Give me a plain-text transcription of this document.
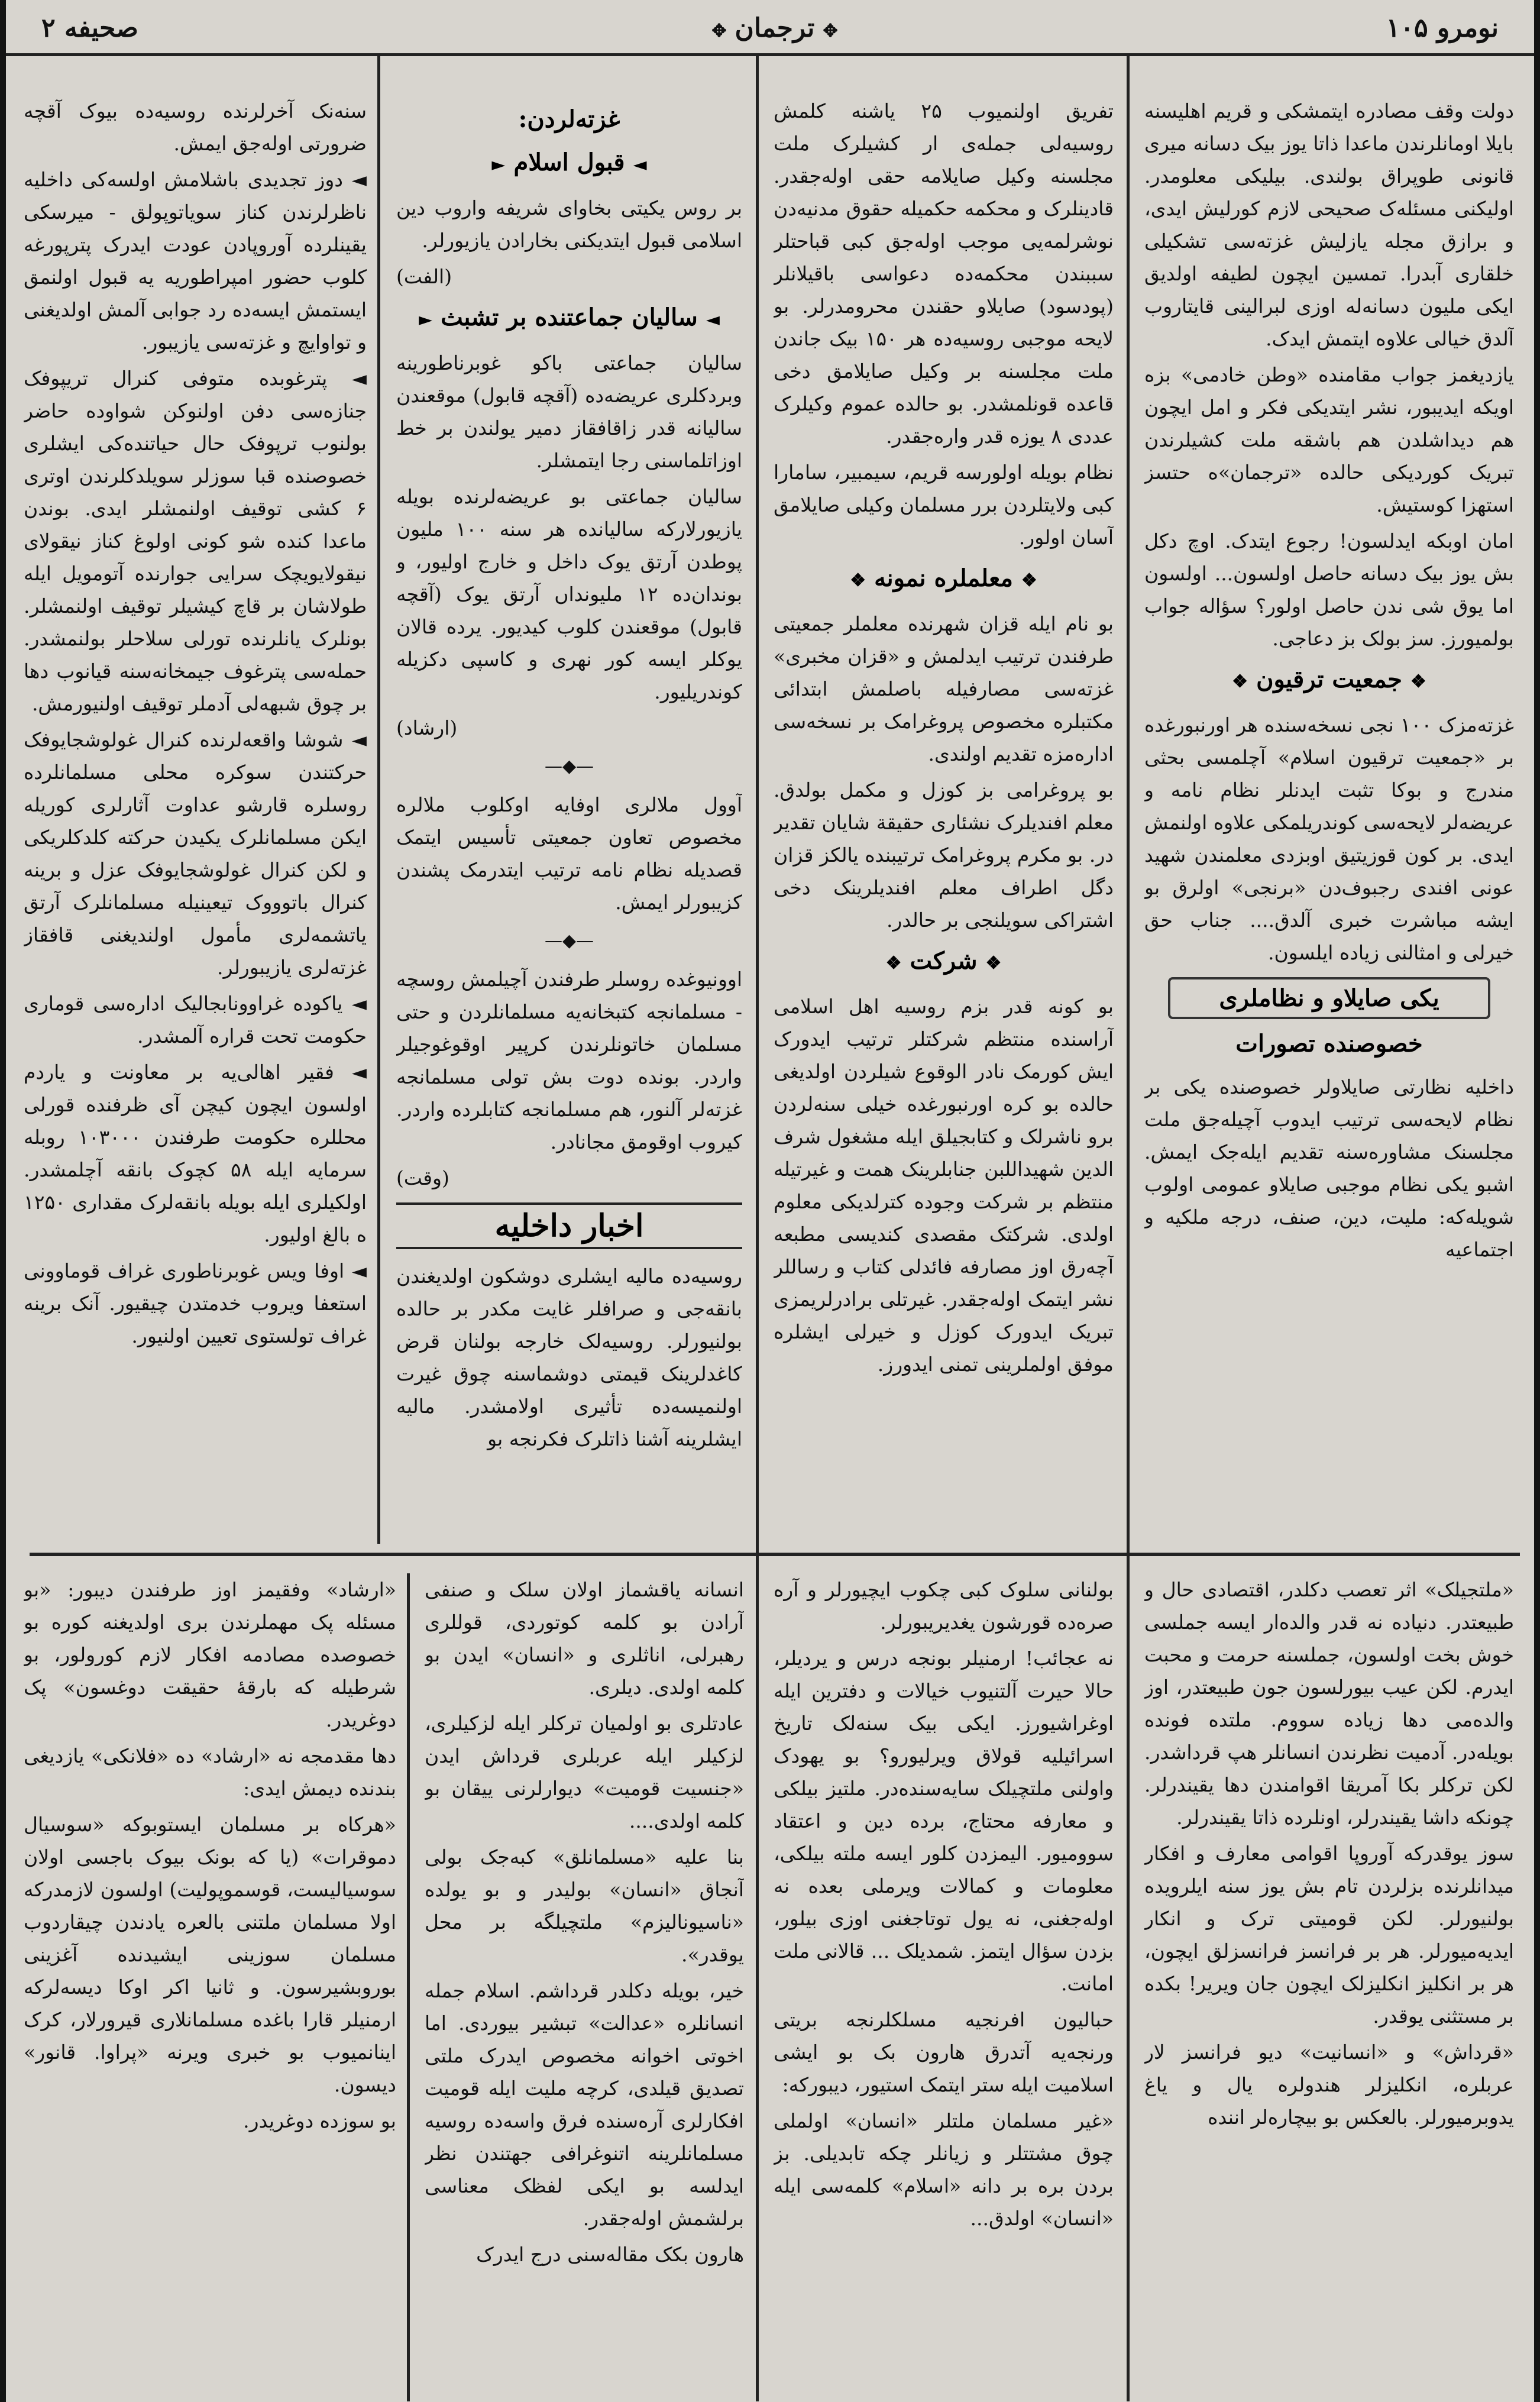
صحیفه ۲	✥ ترجمان ✥	نومرو ۱۰۵

دولت وقف مصادره ایتمشکی و قریم اهلیسنه بایلا اومانلرندن ماعدا ذاتا یوز بیک دسانه میری قانونی طوپراق بولندی. بیلیکی معلومدر. اولیکنی مسئله‌ک صحیحی لازم کورلیش ایدی، و برازق مجله یازلیش غزته‌سی تشکیلی خلقاری آبدرا. تمسین ایچون لطیفه اولدیق ایکی ملیون دسانه‌له اوزی لبرالینی قایتاروب آلدق خیالی علاوه ایتمش ایدک.

یازدیغمز جواب مقامنده «وطن خادمی» بزه اویکه ایدیبور، نشر ایتدیکی فکر و امل ایچون هم دیداشلدن هم باشقه ملت کشیلرندن تبریک کوردیکی حالده «ترجمان»ه حتسز استهزا کوستیش.

امان اوبکه ایدلسون! رجوع ایتدک. اوچ دکل بش یوز بیک دسانه حاصل اولسون... اولسون اما یوق شی ندن حاصل اولور؟ سؤاله جواب بولمیورز. سز بولک بز دعاجی.

❖جمعیت ترقیون❖

غزته‌مزک ۱۰۰ نجی نسخه‌سنده هر اورنبورغده بر «جمعیت ترقیون اسلام» آچلمسی بحثی مندرج و بوکا تثبت ایدنلر نظام نامه و عریضه‌لر لایحه‌سی کوندریلمکی علاوه اولنمش ایدی. بر کون قوزیتیق اوبزدی معلمندن شهید عونی افندی رجبوف‌دن «برنجی» اولرق بو ایشه مباشرت خبری آلدق.... جناب حق خیرلی و امثالنی زیاده ایلسون.

یکی صایلاو و نظاملری
خصوصنده تصورات

داخلیه نظارتی صایلاولر خصوصنده یکی بر نظام لایحه‌سی ترتیب ایدوب آچیله‌جق ملت مجلسنک مشاوره‌سنه تقدیم ایله‌جک ایمش. اشبو یکی نظام موجبی صایلاو عمومی اولوب شویله‌که: ملیت، دین، صنف، درجه ملکیه و اجتماعیه

تفریق اولنمیوب ۲۵ یاشنه کلمش روسیه‌لی جمله‌ی ار کشیلرک ملت مجلسنه وکیل صایلامه حقی اوله‌جقدر. قادینلرک و محکمه حکمیله حقوق مدنیه‌دن نوشرلمه‌یی موجب اوله‌جق کبی قباحتلر سببندن محکمه‌ده دعواسی باقیلانلر (پودسود) صایلاو حقندن محرومدرلر. بو لایحه موجبی روسیه‌ده هر ۱۵۰ بیک جاندن ملت مجلسنه بر وکیل صایلامق دخی قاعده قونلمشدر. بو حالده عموم وکیلرک عددی ۸ یوزه قدر واره‌جقدر.

نظام بویله اولورسه قریم، سیمبیر، سامارا کبی ولایتلردن برر مسلمان وکیلی صایلامق آسان اولور.

❖معلملره نمونه❖

بو نام ایله قزان شهرنده معلملر جمعیتی طرفندن ترتیب ایدلمش و «قزان مخبری» غزته‌سی مصارفیله باصلمش ابتدائی مکتبلره مخصوص پروغرامک بر نسخه‌سی اداره‌مزه تقدیم اولندی.

بو پروغرامی بز کوزل و مکمل بولدق. معلم افندیلرک نشئاری حقیقة شایان تقدیر در. بو مکرم پروغرامک ترتیبنده یالکز قزان دگل اطراف معلم افندیلرینک دخی اشتراکی سویلنجی بر حالدر.

❖شرکت❖

بو کونه قدر بزم روسیه اهل اسلامی آراسنده منتظم شرکتلر ترتیب ایدورک ایش کورمک نادر الوقوع شیلردن اولدیغی حالده بو کره اورنبورغده خیلی سنه‌لردن برو ناشرلک و کتابجیلق ایله مشغول شرف الدین شهیداللبن جنابلرینک همت و غیرتیله منتظم بر شرکت وجوده کترلدیکی معلوم اولدی. شرکتک مقصدی کندیسی مطبعه آچه‌رق اوز مصارفه فائدلی کتاب و رساللر نشر ایتمک اوله‌جقدر. غیرتلی برادرلریمزی تبریک ایدورک کوزل و خیرلی ایشلره موفق اولملرینی تمنی ایدورز.

غزته‌لردن:
◄قبول اسلام►

بر روس یکیتی بخاوای شریفه واروب دین اسلامی قبول ایتدیکنی بخارادن یازیورلر.

(الفت)

◄سالیان جماعتنده بر تشبث►

سالیان جماعتی باکو غوبرناطورینه وبردکلری عریضه‌ده (آقچه قابول) موقعندن سالیانه قدر زاقافقاز دمیر یولندن بر خط اوزاتلماسنی رجا ایتمشلر.

سالیان جماعتی بو عریضه‌لرنده بویله یازیورلارکه سالیانده هر سنه ۱۰۰ ملیون پوطدن آرتق یوک داخل و خارج اولیور، و بوندان‌ده ۱۲ ملیونداں آرتق یوک (آقچه قابول) موقعندن کلوب کیدیور. یرده قالان یوکلر ایسه کور نهری و کاسپی دکزیله کوندریلیور.

(ارشاد)

—◆—

آوول ملالری اوفایه اوکلوب ملالره مخصوص تعاون جمعیتی تأسیس ایتمک قصدیله نظام نامه ترتیب ایتدرمک پشندن کزیبورلر ایمش.

—◆—

اوونیوغده روسلر طرفندن آچیلمش روسچه - مسلمانجه کتبخانه‌یه مسلمانلردن و حتی مسلمان خاتونلرندن کرپیر اوقوغوجیلر واردر. بونده دوت بش تولی مسلمانجه غزته‌لر آلنور، هم مسلمانجه کتابلرده واردر. کیروب اوقومق مجانادر.

(وقت)

اخبار داخلیه

روسیه‌ده مالیه ایشلری دوشکون اولدیغندن بانقه‌جی و صرافلر غایت مکدر بر حالده بولنیورلر. روسیه‌لک خارجه بولنان قرض کاغدلرینک قیمتی دوشماسنه چوق غیرت اولنمیسه‌ده تأثیری اولامشدر. مالیه ایشلرینه آشنا ذاتلرک فکرنجه بو

سنه‌نک آخرلرنده روسیه‌ده بیوک آقچه ضرورتی اوله‌جق ایمش.

◄ دوز تجدیدی باشلامش اولسه‌کی داخلیه ناظرلرندن کناز سویاتوپولق - میرسکی یقینلرده آوروپادن عودت ایدرک پترپورغه کلوب حضور امپراطوریه یه قبول اولنمق ایستمش ایسه‌ده رد جوابی آلمش اولدیغنی و تواوایچ و غزته‌سی یازیبور.

◄ پترغوبده متوفی کنرال تریپوفک جنازه‌سی دفن اولنوکن شواوده حاضر بولنوب ترپوفک حال حیاتنده‌کی ایشلری خصوصنده قبا سوزلر سویلدکلرندن اوتری ۶ کشی توقیف اولنمشلر ایدی. بوندن ماعدا کنده شو کونی اولوغ کناز نیقولای نیقولایویچک سرایی جوارنده آتومویل ایله طولاشان بر قاچ کیشیلر توقیف اولنمشلر. بونلرک یانلرنده تورلی سلاحلر بولنمشدر. حمله‌سی پترغوف جیمخانه‌سنه قیانوب دها بر چوق شبهه‌لی آدملر توقیف اولنیورمش.

◄ شوشا واقعه‌لرنده کنرال غولوشجایوفک حرکتندن سوکره محلی مسلمانلرده روسلره قارشو عداوت آثارلری کوریله ایکن مسلمانلرک یکیدن حرکته کلدکلریکی و لکن کنرال غولوشجایوفک عزل و برینه کنرال باتوووک تیعینیله مسلمانلرک آرتق یاتشمه‌لری مأمول اولندیغنی قافقاز غزته‌لری یازیبورلر.

◄ یاکوده غراوونابجالیک اداره‌سی قوماری حکومت تحت قراره آلمشدر.

◄ فقیر اهالی‌یه بر معاونت و یاردم اولسون ایچون کیچن آی ظرفنده قورلی محللره حکومت طرفندن ۱۰۳۰۰۰ روبله سرمایه ایله ۵۸ کچوک بانقه آچلمشدر. اولکیلری ایله بویله بانقه‌لرک مقداری ۱۲۵۰ ه بالغ اولیور.

◄ اوفا ویس غوبرناطوری غراف قوماوونی استعفا ویروب خدمتدن چیقیور. آنک برینه غراف تولستوی تعیین اولنیور.

«ملتجیلک» اثر تعصب دکلدر، اقتصادی حال و طبیعتدر. دنیاده نه قدر والده‌ار ایسه جملسی خوش بخت اولسون، جملسنه حرمت و محبت ایدرم. لکن عیب بیورلسون جون طبیعتدر، اوز والده‌می دها زیاده سووم. ملتده فونده بویله‌در. آدمیت نظرندن انسانلر هپ قرداشدر. لکن ترکلر بکا آمریقا اقوامندن دها یقیندرلر. چونکه داشا یقیندرلر، اونلرده ذاتا یقیندرلر.

سوز یوقدرکه آوروپا اقوامی معارف و افکار میدانلرنده بزلردن تام بش یوز سنه ایلرویده بولنیورلر. لکن قومیتی ترک و انکار ایدیه‌میورلر. هر بر فرانسز فرانسزلق ایچون، هر بر انکلیز انکلیزلک ایچون جان ویریر! بکده بر مستثنی یوقدر.

«قرداش» و «انسانیت» دیو فرانسز لار عربلره، انکلیزلر هندولره یال و یاغ یدوبرمیورلر. بالعکس بو بیچاره‌لر اننده

بولنانی سلوک کبی چکوب ایچیورلر و آره صره‌ده قورشون یغدیریبورلر.

نه عجائب! ارمنیلر بونجه درس و یردیلر، حالا حیرت آلتنیوب خیالات و دفترین ایله اوغراشیورز. ایکی بیک سنه‌لک تاریخ اسرائیلیه قولاق ویرلیورو؟ بو یهودک واولنی ملتچیلک سایه‌سنده‌در. ملتیز بیلکی و معارفه محتاج، برده دین و اعتقاد سوومیور. الیمزدن کلور ایسه ملته بیلکی، معلومات و کمالات ویرملی بعده نه اوله‌جغنی، نه یول توتاجغنی اوزی بیلور، بزدن سؤال ایتمز. شمدیلک ... قالانی ملت امانت.

حبالیون افرنجیه مسلکلرنجه بریتی ورنجه‌یه آتدرق هارون بک بو ایشی اسلامیت ایله ستر ایتمک استیور، دیبورکه:

«غیر مسلمان ملتلر «انسان» اولملی چوق مشتتلر و زیانلر چکه تابدیلی. بز بردن بره بر دانه «اسلام» کلمه‌سی ایله «انسان» اولدق...

انسانه یاقشماز اولان سلک و صنفی آرادن بو کلمه کوتوردی، قوللری رهبرلی، اناثلری و «انسان» ایدن بو کلمه اولدی. دیلری.

عادتلری بو اولمیان ترکلر ایله لزکیلری، لزکیلر ایله عربلری قرداش ایدن «جنسیت قومیت» دیوارلرنی ییقان بو کلمه اولدی....

بنا علیه «مسلمانلق» کبه‌جک بولی آنجاق «انسان» بولیدر و بو یولده «ناسیونالیزم» ملتچیلگه بر محل یوقدر».

خیر، بویله دکلدر قرداشم. اسلام جمله انسانلره «عدالت» تبشیر بیوردی. اما اخوتی اخوانه مخصوص ایدرک ملتی تصدیق قیلدی، کرچه ملیت ایله قومیت افکارلری آره‌سنده فرق واسه‌ده روسیه مسلمانلرینه اتنوغرافی جهتندن نظر ایدلسه بو ایکی لفظک معناسی برلشمش اوله‌جقدر.

هارون بکک مقاله‌سنی درج ایدرک

«ارشاد» وفقیمز اوز طرفندن دیبور: «بو مسئله پک مهملرندن بری اولدیغنه کوره بو خصوصده مصادمه افکار لازم کورولور، بو شرطیله که بارقهٔ حقیقت دوغسون» پک دوغریدر.

دها مقدمجه نه «ارشاد» ده «فلانکی» یازدیغی بندنده دیمش ایدی:

«هرکاه بر مسلمان ایستوبوکه «سوسیال دموقرات» (یا که بونک بیوک باجسی اولان سوسیالیست، قوسموپولیت) اولسون لازمدرکه اولا مسلمان ملتنی بالعره یادندن چیقاردوب مسلمان سوزینی ایشیدنده آغزینی بوروبشیرسون. و ثانیا اکر اوکا دیسه‌لرکه ارمنیلر قارا باغده مسلمانلاری قیرورلار، کرک اینانمیوب بو خبری ویرنه «پراوا. قانور» دیسون.

بو سوزده دوغریدر.
